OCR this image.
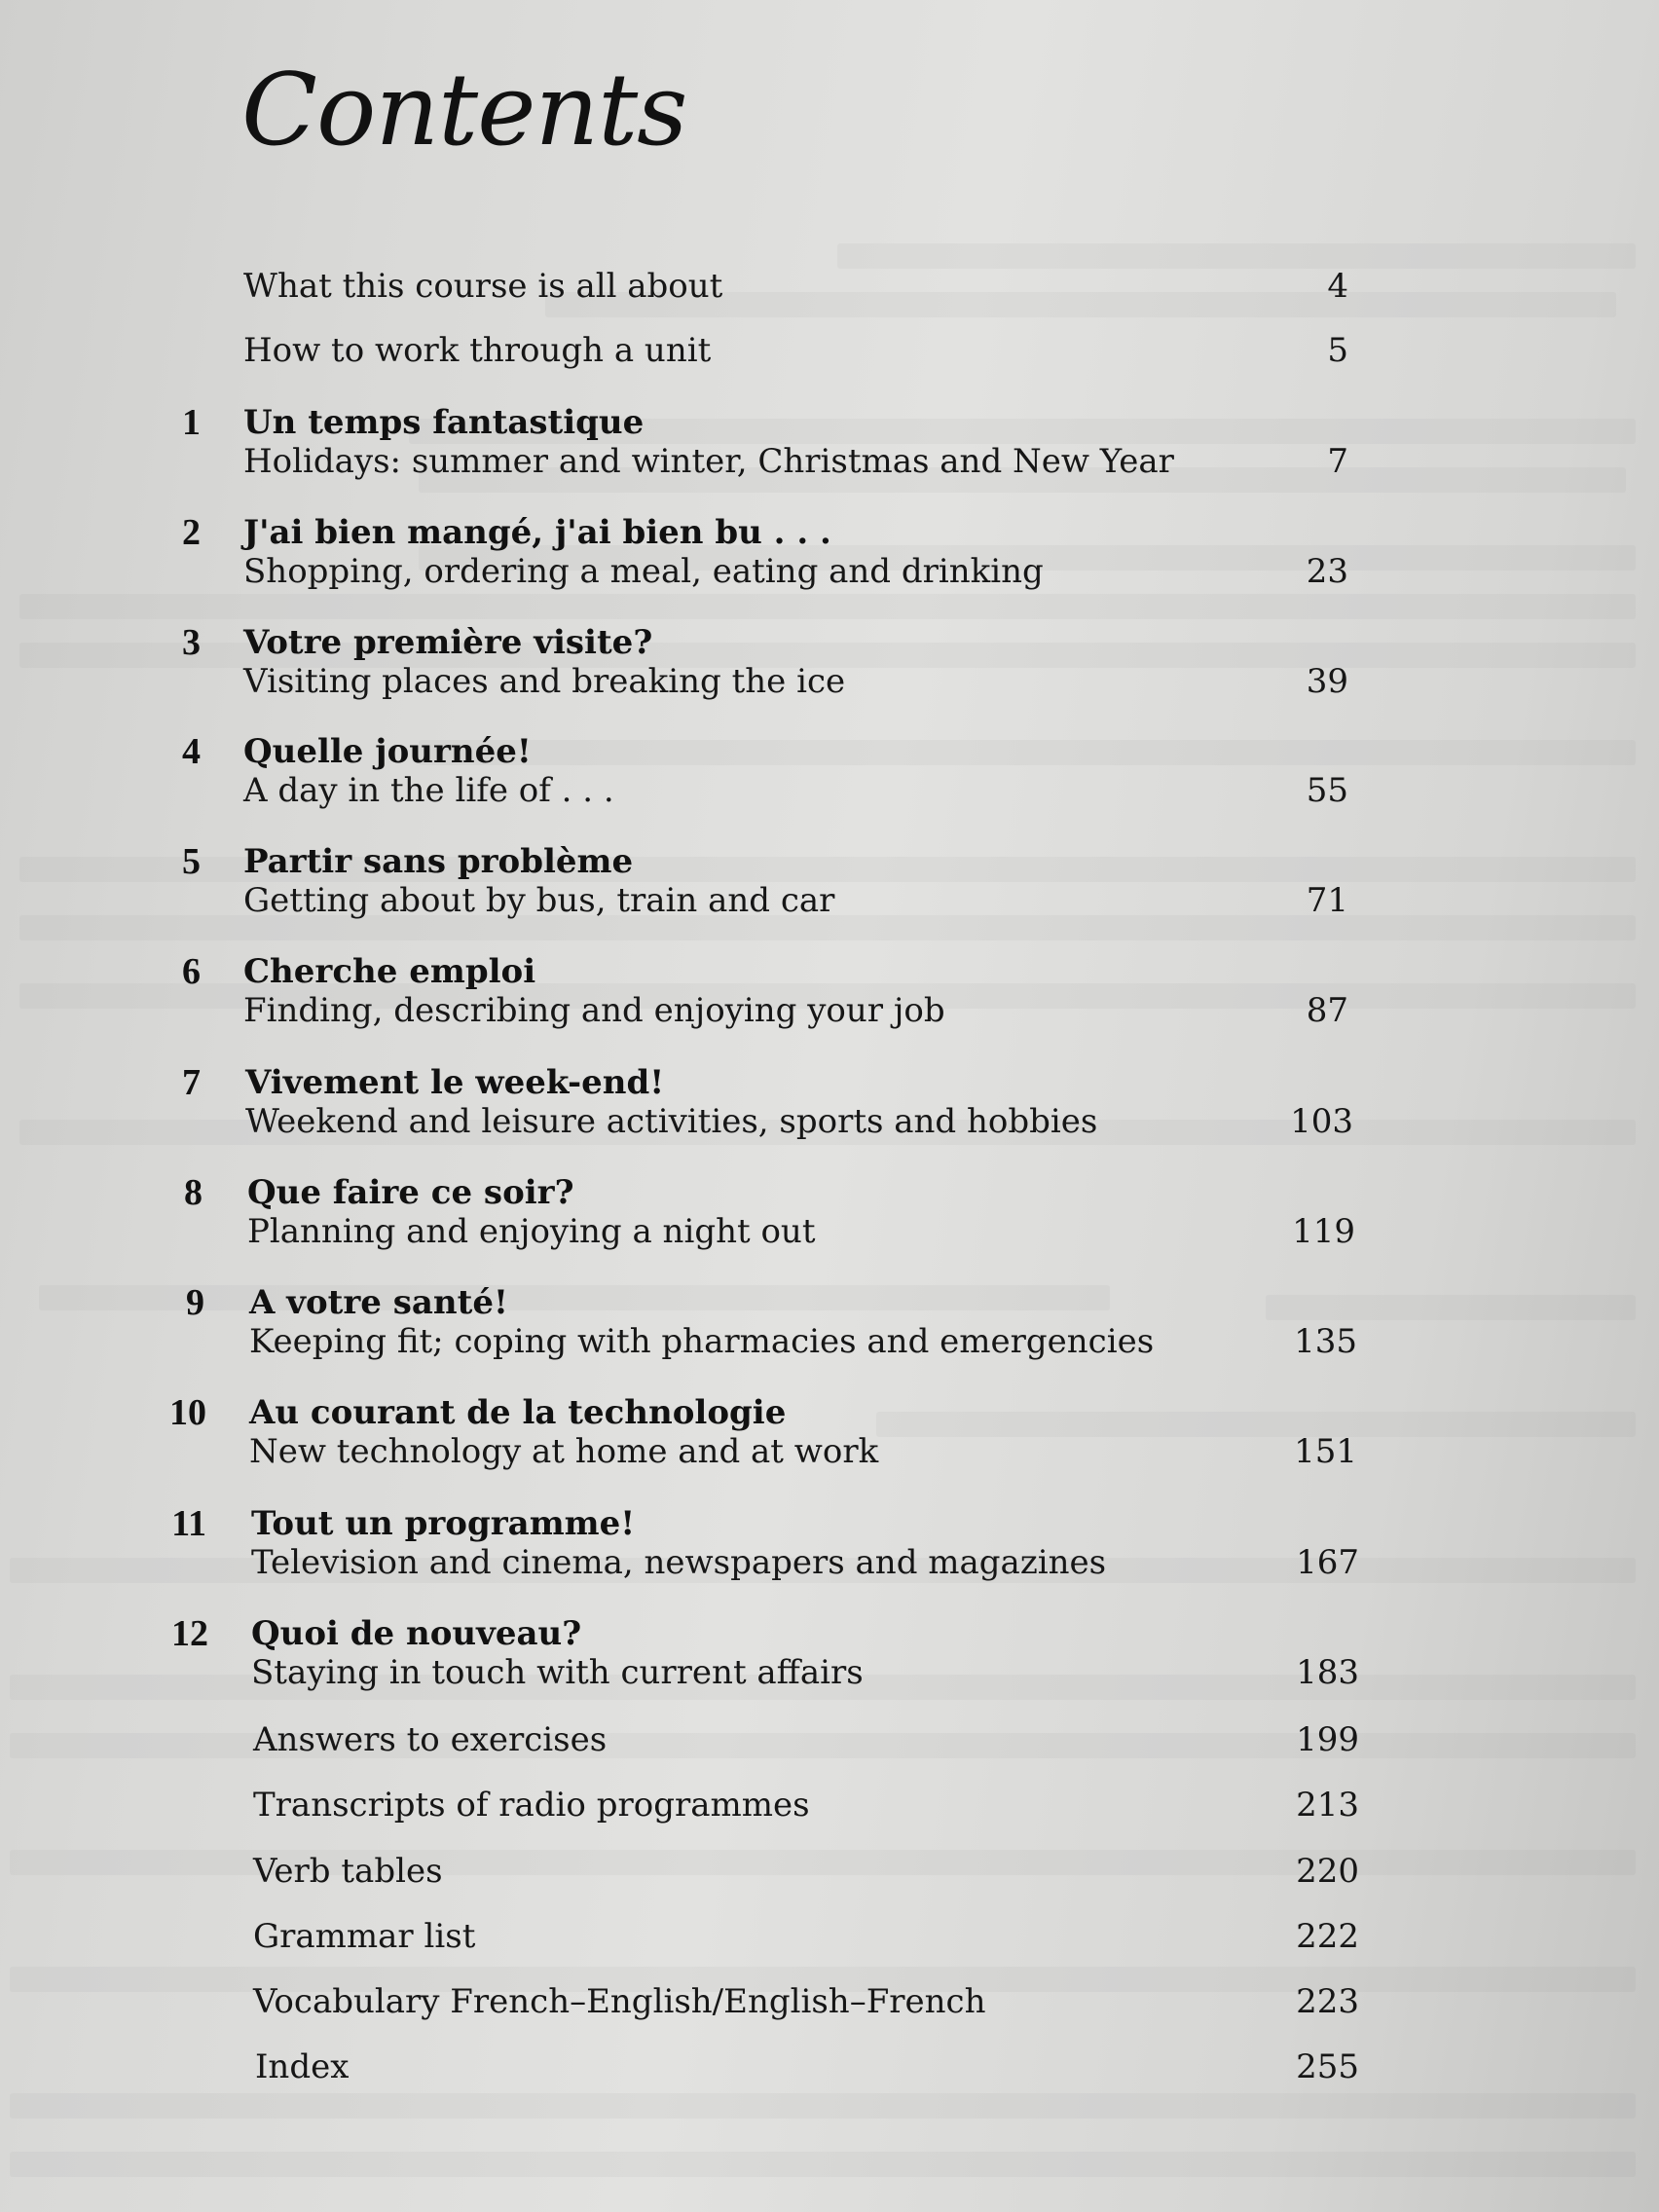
Contents
What this course is all about	4
How to work through a unit	5
1 Un temps fantastique
Holidays: summer and winter, Christmas and New Year	7
2 J'ai bien mangé, j'ai bien bu . . .
Shopping, ordering a meal, eating and drinking	23
3 Votre première visite?
Visiting places and breaking the ice	39
4 Quelle journée!
A day in the life of . . .	55
5 Partir sans problème
Getting about by bus, train and car	71
6 Cherche emploi
Finding, describing and enjoying your job	87
7 Vivement le week-end!
Weekend and leisure activities, sports and hobbies	103
8 Que faire ce soir?
Planning and enjoying a night out	119
9 A votre santé!
Keeping fit; coping with pharmacies and emergencies	135
10 Au courant de la technologie
New technology at home and at work	151
11 Tout un programme!
Television and cinema, newspapers and magazines	167
12 Quoi de nouveau?
Staying in touch with current affairs	183
Answers to exercises	199
Transcripts of radio programmes	213
Verb tables	220
Grammar list	222
Vocabulary French–English/English–French	223
Index	255
